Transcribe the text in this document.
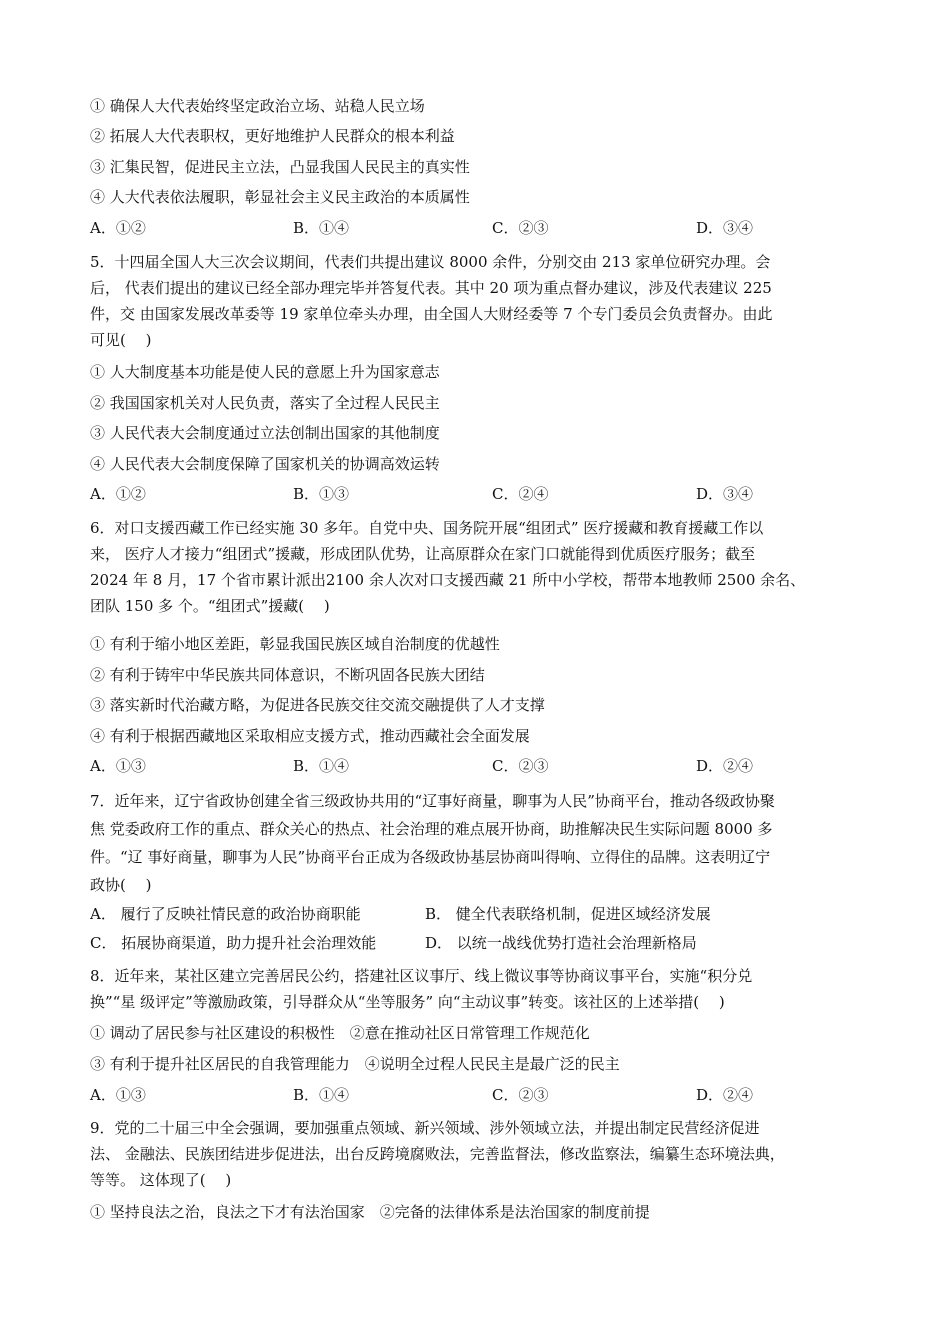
① 确保人大代表始终坚定政治立场、站稳人民立场
② 拓展人大代表职权，更好地维护人民群众的根本利益
③ 汇集民智，促进民主立法，凸显我国人民民主的真实性
④ 人大代表依法履职，彰显社会主义民主政治的本质属性
A．①②	B．①④	C．②③	D．③④
5．十四届全国人大三次会议期间，代表们共提出建议 8000 余件，分别交由 213 家单位研究办理。会
后， 代表们提出的建议已经全部办理完毕并答复代表。其中 20 项为重点督办建议，涉及代表建议 225
件，交 由国家发展改革委等 19 家单位牵头办理，由全国人大财经委等 7 个专门委员会负责督办。由此
可见(　 )
① 人大制度基本功能是使人民的意愿上升为国家意志
② 我国国家机关对人民负责，落实了全过程人民民主
③ 人民代表大会制度通过立法创制出国家的其他制度
④ 人民代表大会制度保障了国家机关的协调高效运转
A．①②	B．①③	C．②④	D．③④
6．对口支援西藏工作已经实施 30 多年。自党中央、国务院开展“组团式” 医疗援藏和教育援藏工作以
来， 医疗人才接力“组团式”援藏，形成团队优势，让高原群众在家门口就能得到优质医疗服务；截至
2024 年 8 月，17 个省市累计派出2100 余人次对口支援西藏 21 所中小学校，帮带本地教师 2500 余名、
团队 150 多 个。“组团式”援藏(　 )
① 有利于缩小地区差距，彰显我国民族区域自治制度的优越性
② 有利于铸牢中华民族共同体意识，不断巩固各民族大团结
③ 落实新时代治藏方略，为促进各民族交往交流交融提供了人才支撑
④ 有利于根据西藏地区采取相应支援方式，推动西藏社会全面发展
A．①③	B．①④	C．②③	D．②④
7．近年来，辽宁省政协创建全省三级政协共用的“辽事好商量，聊事为人民”协商平台，推动各级政协聚
焦 党委政府工作的重点、群众关心的热点、社会治理的难点展开协商，助推解决民生实际问题 8000 多
件。“辽 事好商量，聊事为人民”协商平台正成为各级政协基层协商叫得响、立得住的品牌。这表明辽宁
政协(　 )
A． 履行了反映社情民意的政治协商职能	B． 健全代表联络机制，促进区域经济发展
C． 拓展协商渠道，助力提升社会治理效能	D． 以统一战线优势打造社会治理新格局
8．近年来，某社区建立完善居民公约，搭建社区议事厅、线上微议事等协商议事平台，实施“积分兑
换”“星 级评定”等激励政策，引导群众从“坐等服务” 向“主动议事”转变。该社区的上述举措(　 )
① 调动了居民参与社区建设的积极性　②意在推动社区日常管理工作规范化
③ 有利于提升社区居民的自我管理能力　④说明全过程人民民主是最广泛的民主
A．①③	B．①④	C．②③	D．②④
9．党的二十届三中全会强调，要加强重点领域、新兴领域、涉外领域立法，并提出制定民营经济促进
法、 金融法、民族团结进步促进法，出台反跨境腐败法，完善监督法，修改监察法，编纂生态环境法典，
等等。 这体现了(　 )
① 坚持良法之治，良法之下才有法治国家　②完备的法律体系是法治国家的制度前提
